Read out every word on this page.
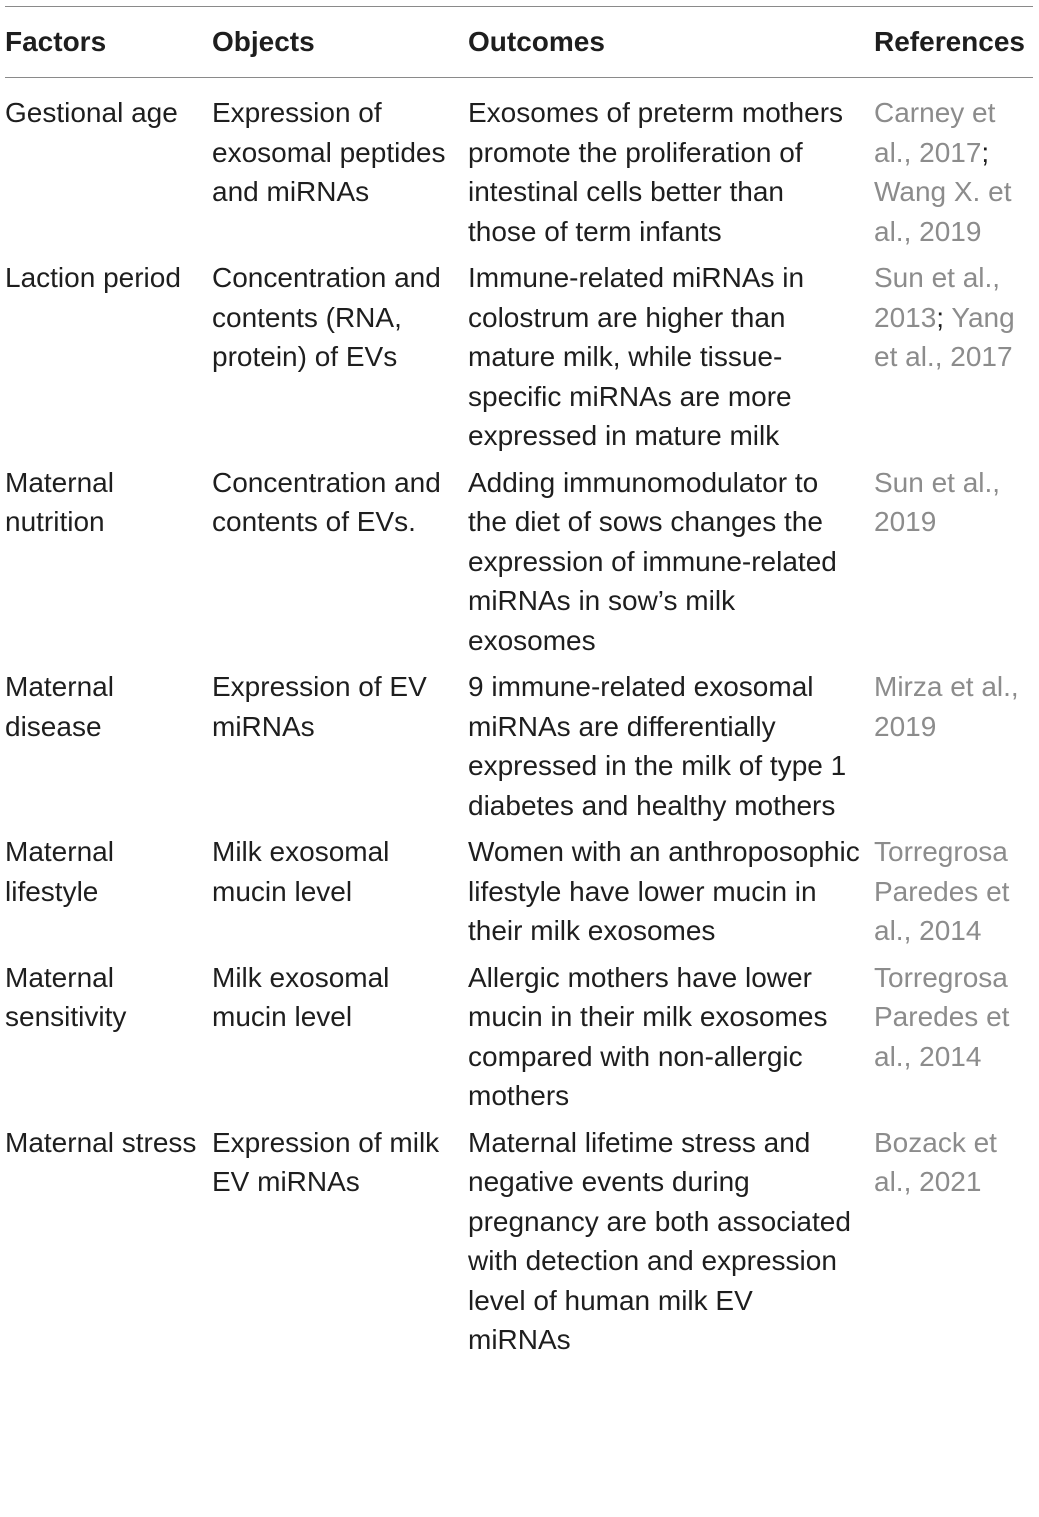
Factors	Objects	Outcomes	References
Gestional age	Expression of exosomal peptides and miRNAs	Exosomes of preterm mothers promote the proliferation of intestinal cells better than those of term infants	Carney et al., 2017; Wang X. et al., 2019
Laction period	Concentration and contents (RNA, protein) of EVs	Immune-related miRNAs in colostrum are higher than mature milk, while tissue-specific miRNAs are more expressed in mature milk	Sun et al., 2013; Yang et al., 2017
Maternal nutrition	Concentration and contents of EVs.	Adding immunomodulator to the diet of sows changes the expression of immune-related miRNAs in sow’s milk exosomes	Sun et al., 2019
Maternal disease	Expression of EV miRNAs	9 immune-related exosomal miRNAs are differentially expressed in the milk of type 1 diabetes and healthy mothers	Mirza et al., 2019
Maternal lifestyle	Milk exosomal mucin level	Women with an anthroposophic lifestyle have lower mucin in their milk exosomes	Torregrosa Paredes et al., 2014
Maternal sensitivity	Milk exosomal mucin level	Allergic mothers have lower mucin in their milk exosomes compared with non-allergic mothers	Torregrosa Paredes et al., 2014
Maternal stress	Expression of milk EV miRNAs	Maternal lifetime stress and negative events during pregnancy are both associated with detection and expression level of human milk EV miRNAs	Bozack et al., 2021
